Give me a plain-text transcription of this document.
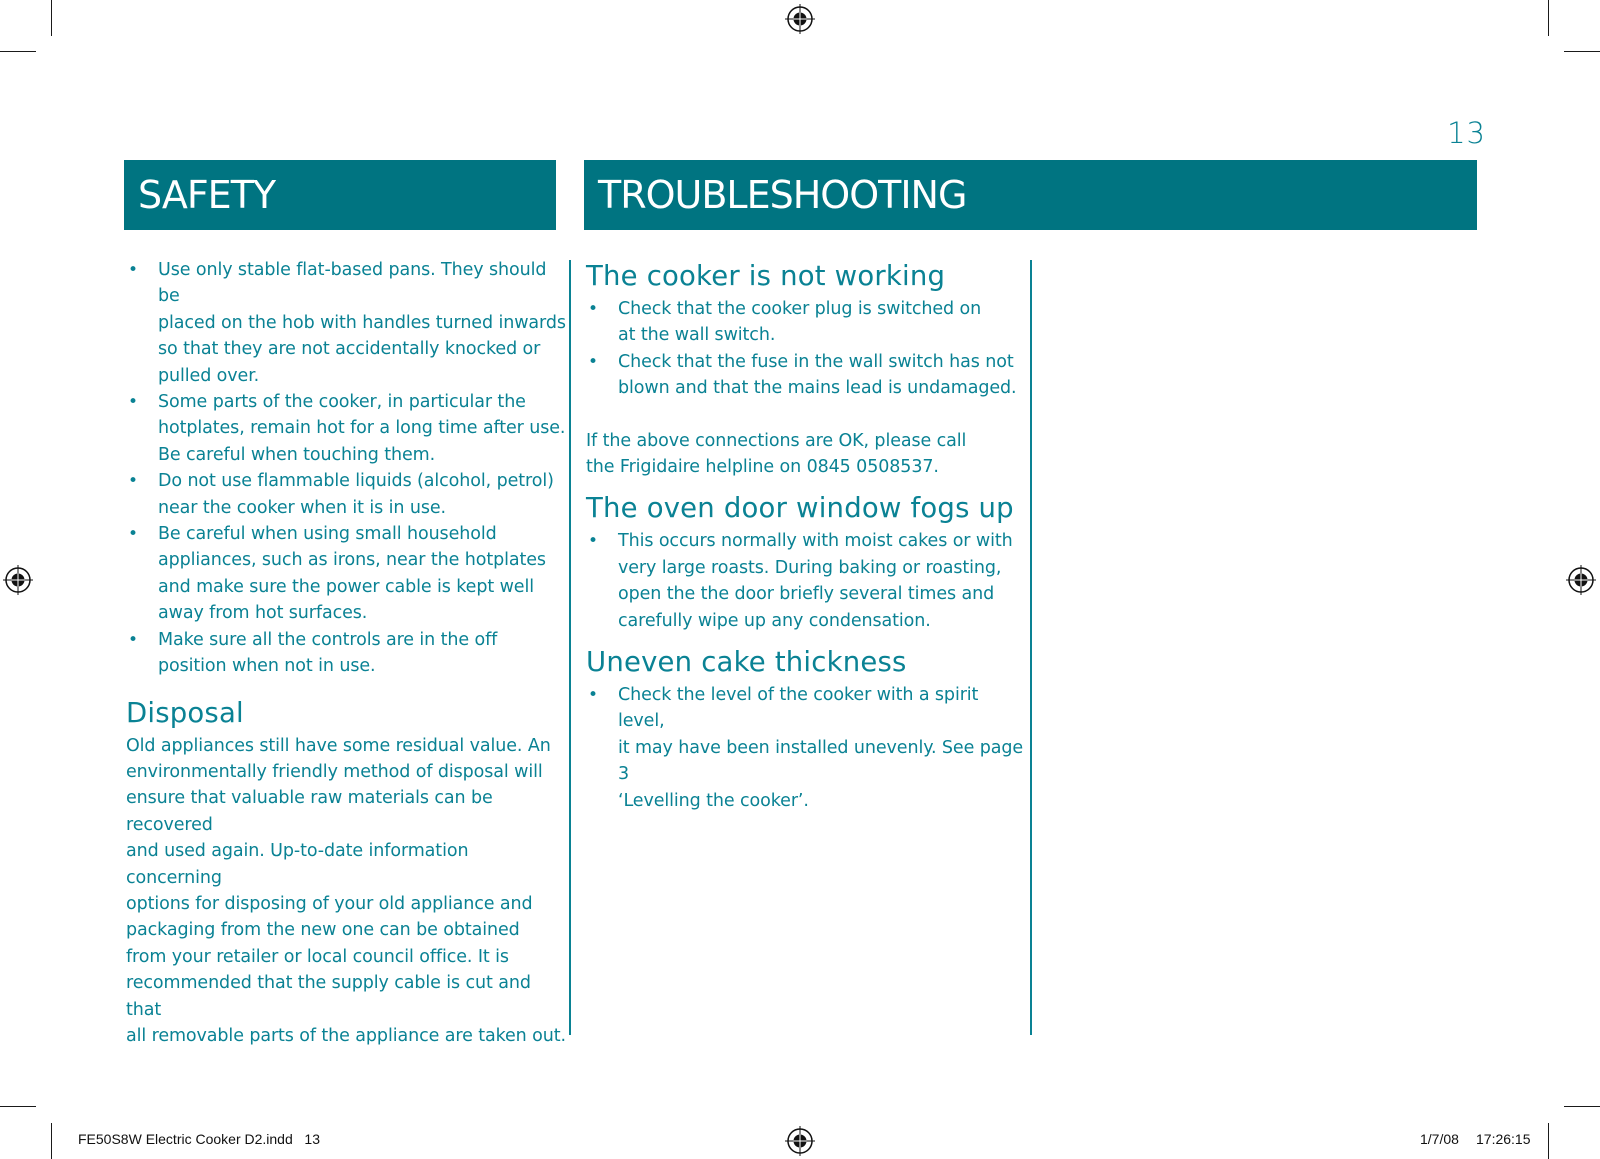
13
SAFETY	TROUBLESHOOTING
• Use only stable flat-based pans. They should be
placed on the hob with handles turned inwards
so that they are not accidentally knocked or
pulled over.
• Some parts of the cooker, in particular the
hotplates, remain hot for a long time after use.
Be careful when touching them.
• Do not use flammable liquids (alcohol, petrol)
near the cooker when it is in use.
• Be careful when using small household
appliances, such as irons, near the hotplates
and make sure the power cable is kept well
away from hot surfaces.
• Make sure all the controls are in the off
position when not in use.
Disposal

Old appliances still have some residual value. An
environmentally friendly method of disposal will
ensure that valuable raw materials can be recovered
and used again. Up-to-date information concerning
options for disposing of your old appliance and
packaging from the new one can be obtained
from your retailer or local council office. It is
recommended that the supply cable is cut and that
all removable parts of the appliance are taken out.

The cooker is not working
• Check that the cooker plug is switched on
at the wall switch.
• Check that the fuse in the wall switch has not
blown and that the mains lead is undamaged.

If the above connections are OK, please call
the Frigidaire helpline on 0845 0508537.

The oven door window fogs up
• This occurs normally with moist cakes or with
very large roasts. During baking or roasting,
open the the door briefly several times and
carefully wipe up any condensation.
Uneven cake thickness
• Check the level of the cooker with a spirit level,
it may have been installed unevenly. See page 3
‘Levelling the cooker’.
FE50S8W Electric Cooker D2.indd   13	1/7/08 17:26:15
